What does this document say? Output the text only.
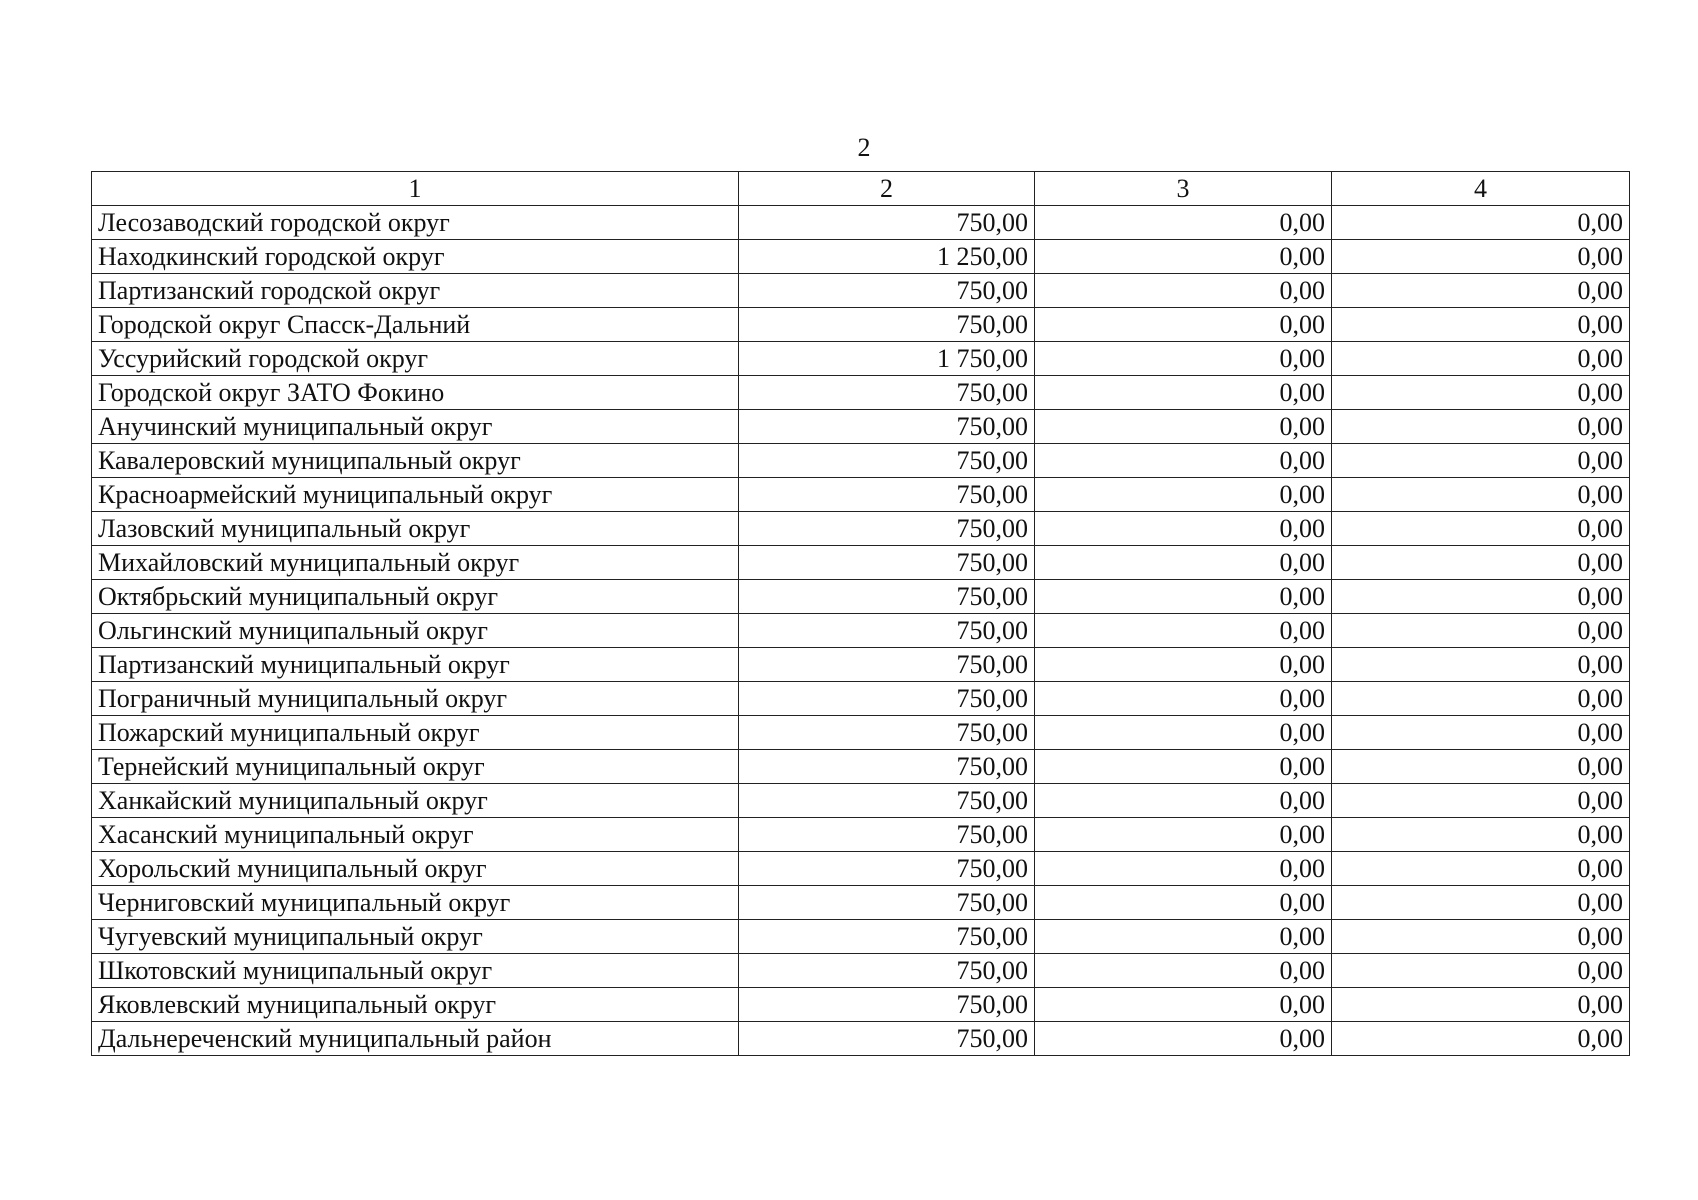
2
1	2	3	4
Лесозаводский городской округ	750,00	0,00	0,00
Находкинский городской округ	1 250,00	0,00	0,00
Партизанский городской округ	750,00	0,00	0,00
Городской округ Спасск-Дальний	750,00	0,00	0,00
Уссурийский городской округ	1 750,00	0,00	0,00
Городской округ ЗАТО Фокино	750,00	0,00	0,00
Анучинский муниципальный округ	750,00	0,00	0,00
Кавалеровский муниципальный округ	750,00	0,00	0,00
Красноармейский муниципальный округ	750,00	0,00	0,00
Лазовский муниципальный округ	750,00	0,00	0,00
Михайловский муниципальный округ	750,00	0,00	0,00
Октябрьский муниципальный округ	750,00	0,00	0,00
Ольгинский муниципальный округ	750,00	0,00	0,00
Партизанский муниципальный округ	750,00	0,00	0,00
Пограничный муниципальный округ	750,00	0,00	0,00
Пожарский муниципальный округ	750,00	0,00	0,00
Тернейский муниципальный округ	750,00	0,00	0,00
Ханкайский муниципальный округ	750,00	0,00	0,00
Хасанский муниципальный округ	750,00	0,00	0,00
Хорольский муниципальный округ	750,00	0,00	0,00
Черниговский муниципальный округ	750,00	0,00	0,00
Чугуевский муниципальный округ	750,00	0,00	0,00
Шкотовский муниципальный округ	750,00	0,00	0,00
Яковлевский муниципальный округ	750,00	0,00	0,00
Дальнереченский муниципальный район	750,00	0,00	0,00
